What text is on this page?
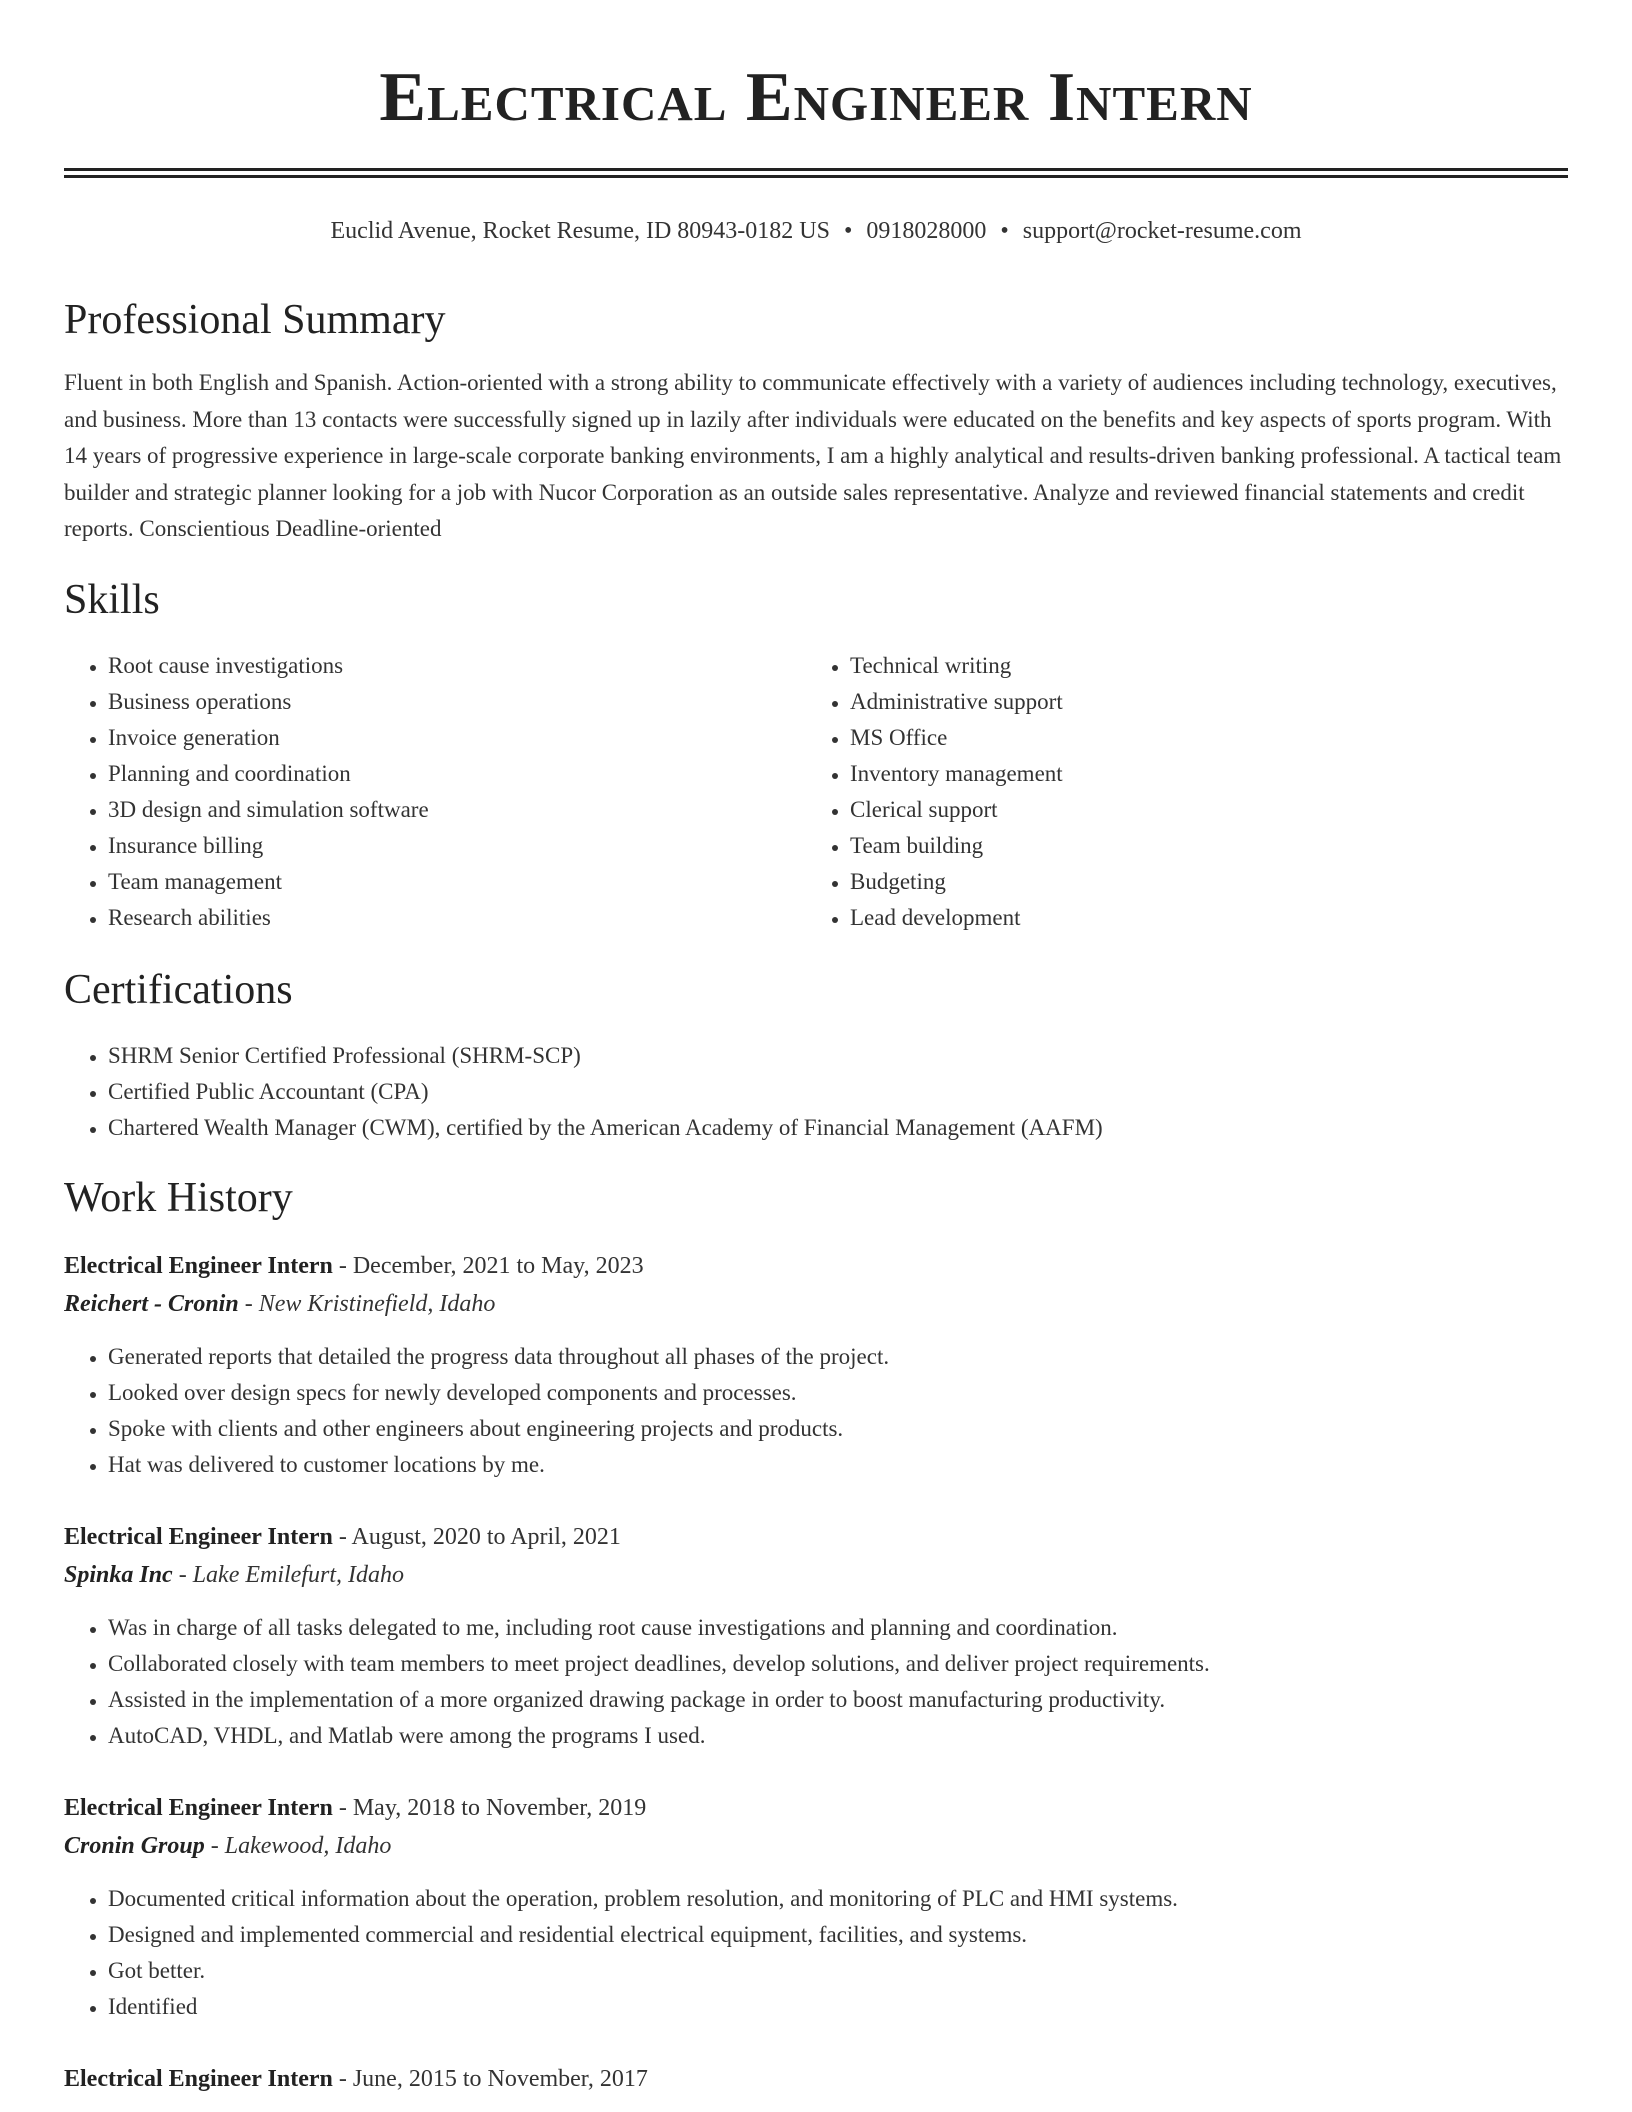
Electrical Engineer Intern
Euclid Avenue, Rocket Resume, ID 80943-0182 US • 0918028000 • support@rocket-resume.com
Professional Summary

Fluent in both English and Spanish. Action-oriented with a strong ability to communicate effectively with a variety of audiences including technology, executives, and business. More than 13 contacts were successfully signed up in lazily after individuals were educated on the benefits and key aspects of sports program. With 14 years of progressive experience in large-scale corporate banking environments, I am a highly analytical and results-driven banking professional. A tactical team builder and strategic planner looking for a job with Nucor Corporation as an outside sales representative. Analyze and reviewed financial statements and credit reports. Conscientious Deadline-oriented

Skills
• Root cause investigations
• Business operations
• Invoice generation
• Planning and coordination
• 3D design and simulation software
• Insurance billing
• Team management
• Research abilities
• Technical writing
• Administrative support
• MS Office
• Inventory management
• Clerical support
• Team building
• Budgeting
• Lead development
Certifications
• SHRM Senior Certified Professional (SHRM-SCP)
• Certified Public Accountant (CPA)
• Chartered Wealth Manager (CWM), certified by the American Academy of Financial Management (AAFM)
Work History
Electrical Engineer Intern - December, 2021 to May, 2023
Reichert - Cronin - New Kristinefield, Idaho
• Generated reports that detailed the progress data throughout all phases of the project.
• Looked over design specs for newly developed components and processes.
• Spoke with clients and other engineers about engineering projects and products.
• Hat was delivered to customer locations by me.
Electrical Engineer Intern - August, 2020 to April, 2021
Spinka Inc - Lake Emilefurt, Idaho
• Was in charge of all tasks delegated to me, including root cause investigations and planning and coordination.
• Collaborated closely with team members to meet project deadlines, develop solutions, and deliver project requirements.
• Assisted in the implementation of a more organized drawing package in order to boost manufacturing productivity.
• AutoCAD, VHDL, and Matlab were among the programs I used.
Electrical Engineer Intern - May, 2018 to November, 2019
Cronin Group - Lakewood, Idaho
• Documented critical information about the operation, problem resolution, and monitoring of PLC and HMI systems.
• Designed and implemented commercial and residential electrical equipment, facilities, and systems.
• Got better.
• Identified
Electrical Engineer Intern - June, 2015 to November, 2017
